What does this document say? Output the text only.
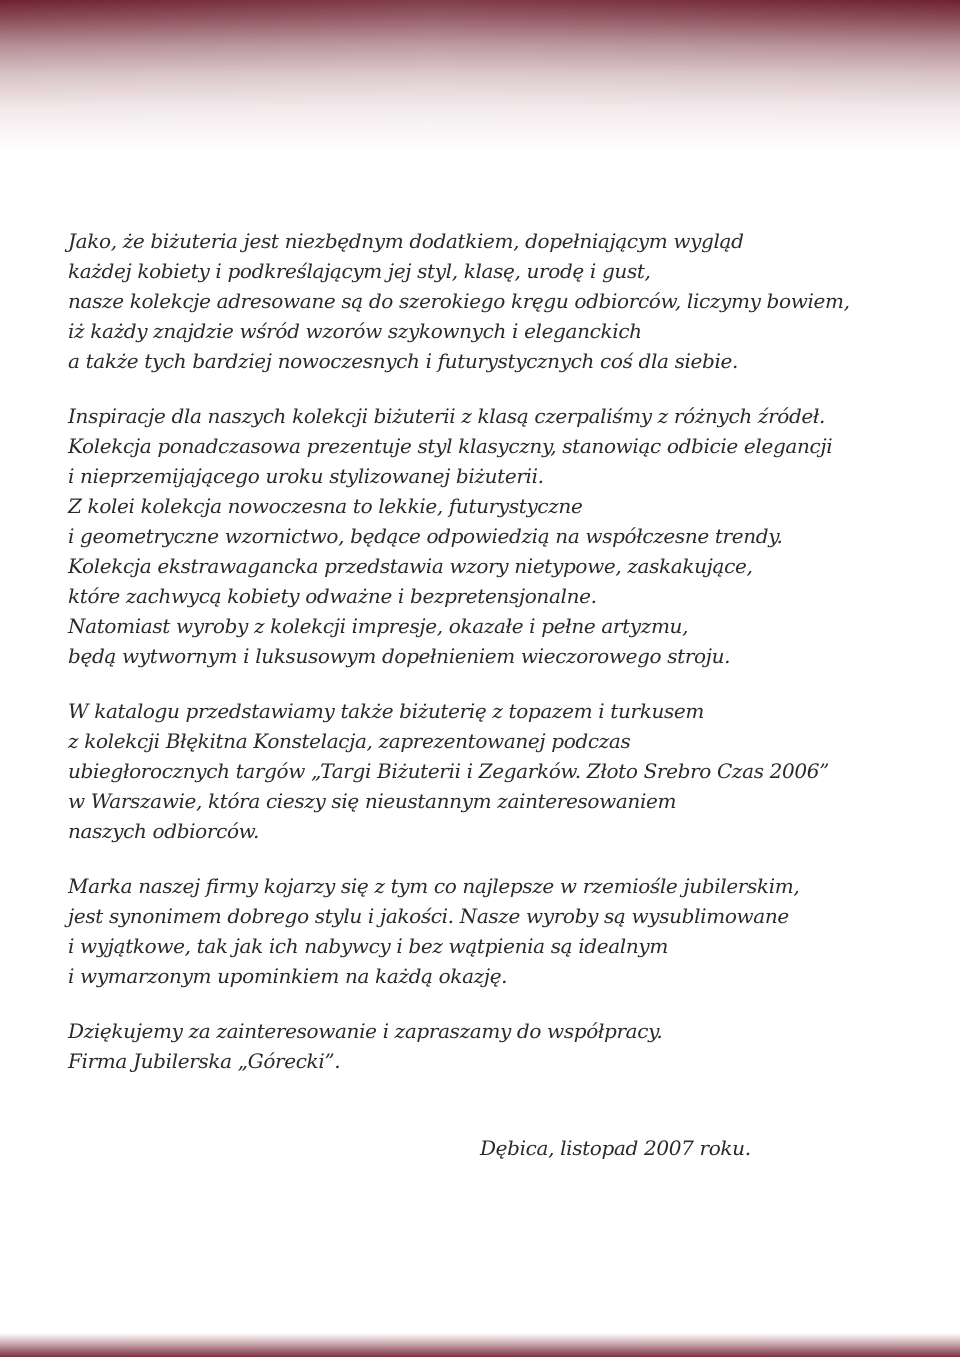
Jako, że biżuteria jest niezbędnym dodatkiem, dopełniającym wygląd
każdej kobiety i podkreślającym jej styl, klasę, urodę i gust,
nasze kolekcje adresowane są do szerokiego kręgu odbiorców, liczymy bowiem,
iż każdy znajdzie wśród wzorów szykownych i eleganckich
a także tych bardziej nowoczesnych i futurystycznych coś dla siebie.
Inspiracje dla naszych kolekcji biżuterii z klasą czerpaliśmy z różnych źródeł.
Kolekcja ponadczasowa prezentuje styl klasyczny, stanowiąc odbicie elegancji
i nieprzemijającego uroku stylizowanej biżuterii.
Z kolei kolekcja nowoczesna to lekkie, futurystyczne
i geometryczne wzornictwo, będące odpowiedzią na współczesne trendy.
Kolekcja ekstrawagancka przedstawia wzory nietypowe, zaskakujące,
które zachwycą kobiety odważne i bezpretensjonalne.
Natomiast wyroby z kolekcji impresje, okazałe i pełne artyzmu,
będą wytwornym i luksusowym dopełnieniem wieczorowego stroju.
W katalogu przedstawiamy także biżuterię z topazem i turkusem
z kolekcji Błękitna Konstelacja, zaprezentowanej podczas
ubiegłorocznych targów „Targi Biżuterii i Zegarków. Złoto Srebro Czas 2006”
w Warszawie, która cieszy się nieustannym zainteresowaniem
naszych odbiorców.
Marka naszej firmy kojarzy się z tym co najlepsze w rzemiośle jubilerskim,
jest synonimem dobrego stylu i jakości. Nasze wyroby są wysublimowane
i wyjątkowe, tak jak ich nabywcy i bez wątpienia są idealnym
i wymarzonym upominkiem na każdą okazję.
Dziękujemy za zainteresowanie i zapraszamy do współpracy.
Firma Jubilerska „Górecki”.
Dębica, listopad 2007 roku.
